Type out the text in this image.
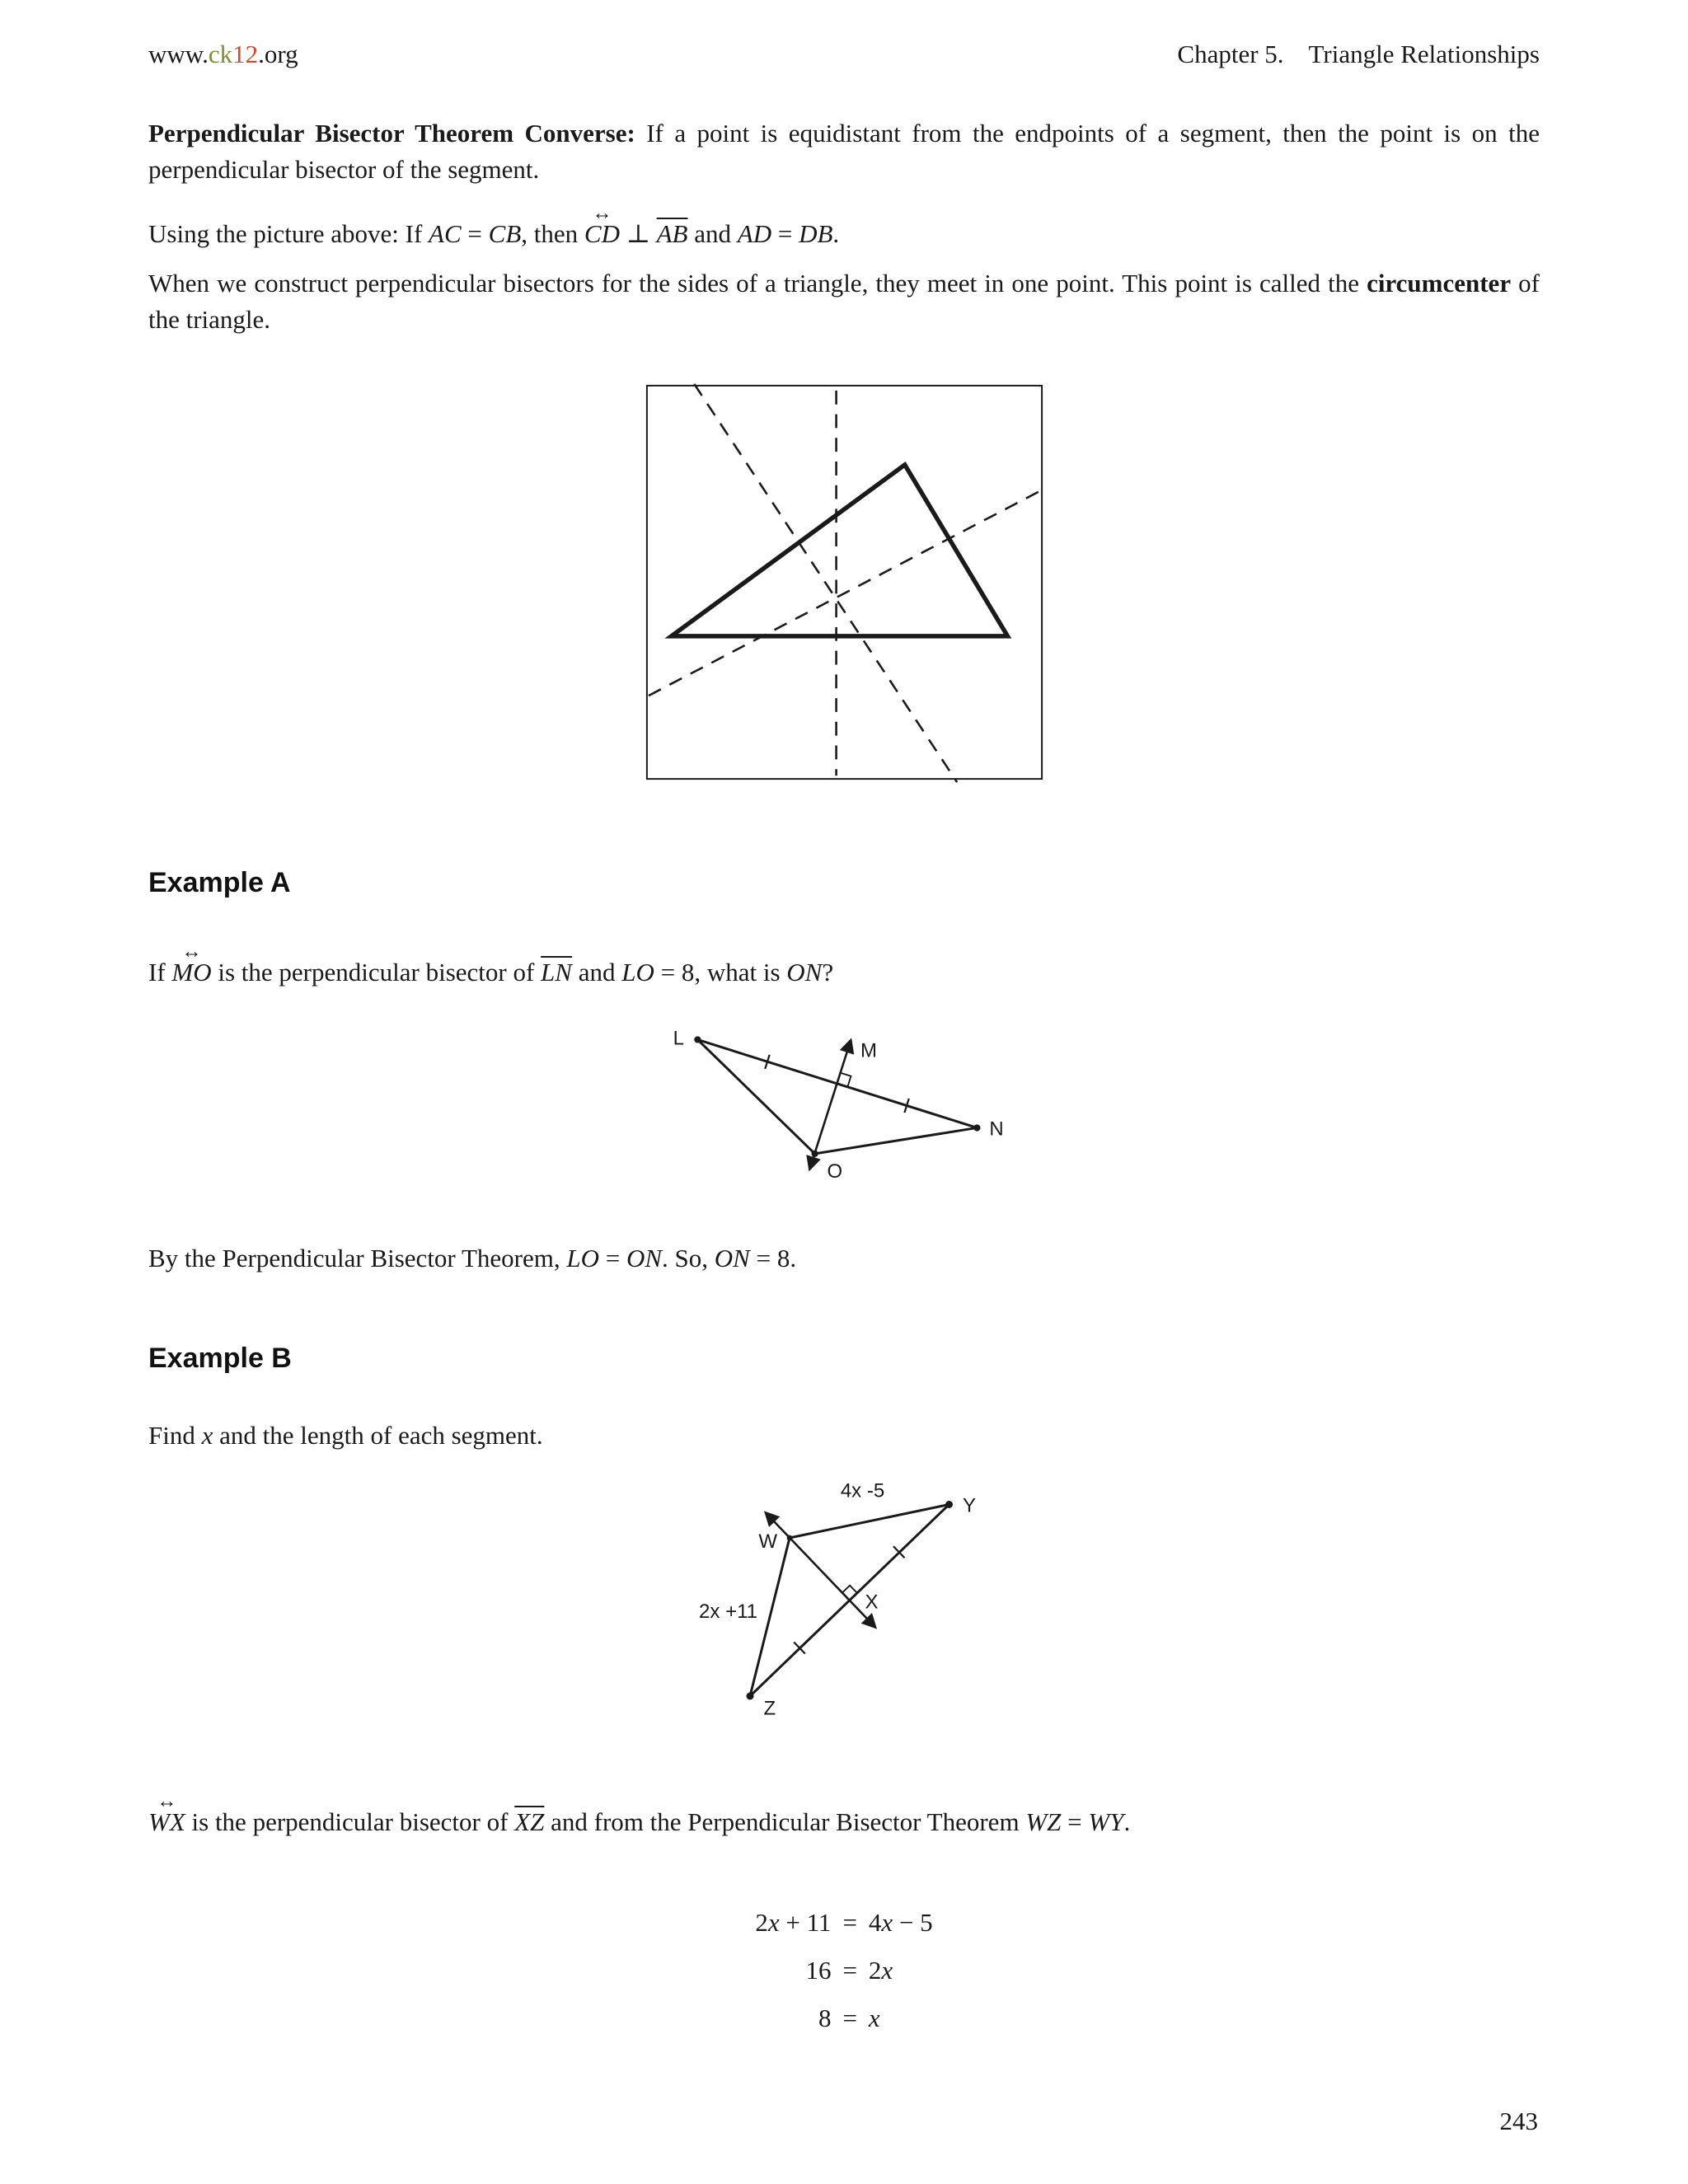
www.ck12.org	Chapter 5. Triangle Relationships

Perpendicular Bisector Theorem Converse: If a point is equidistant from the endpoints of a segment, then the point is on the perpendicular bisector of the segment.

Using the picture above: If AC = CB, then
↔
CD ⊥ $\overline{AB}$ and AD = DB.

When we construct perpendicular bisectors for the sides of a triangle, they meet in one point. This point is called the circumcenter of the triangle.

Example A

If
↔
MO is the perpendicular bisector of $\overline{LN}$ and LO = 8, what is ON?

L
M
N
O

By the Perpendicular Bisector Theorem, LO = ON. So, ON = 8.

Example B

Find x and the length of each segment.

4x -5
2x +11
W
X
Y
Z

↔
WX is the perpendicular bisector of $\overline{XZ}$ and from the Perpendicular Bisector Theorem WZ = WY.

2x + 11 = 4x − 5
16 = 2x
8 = x
243
